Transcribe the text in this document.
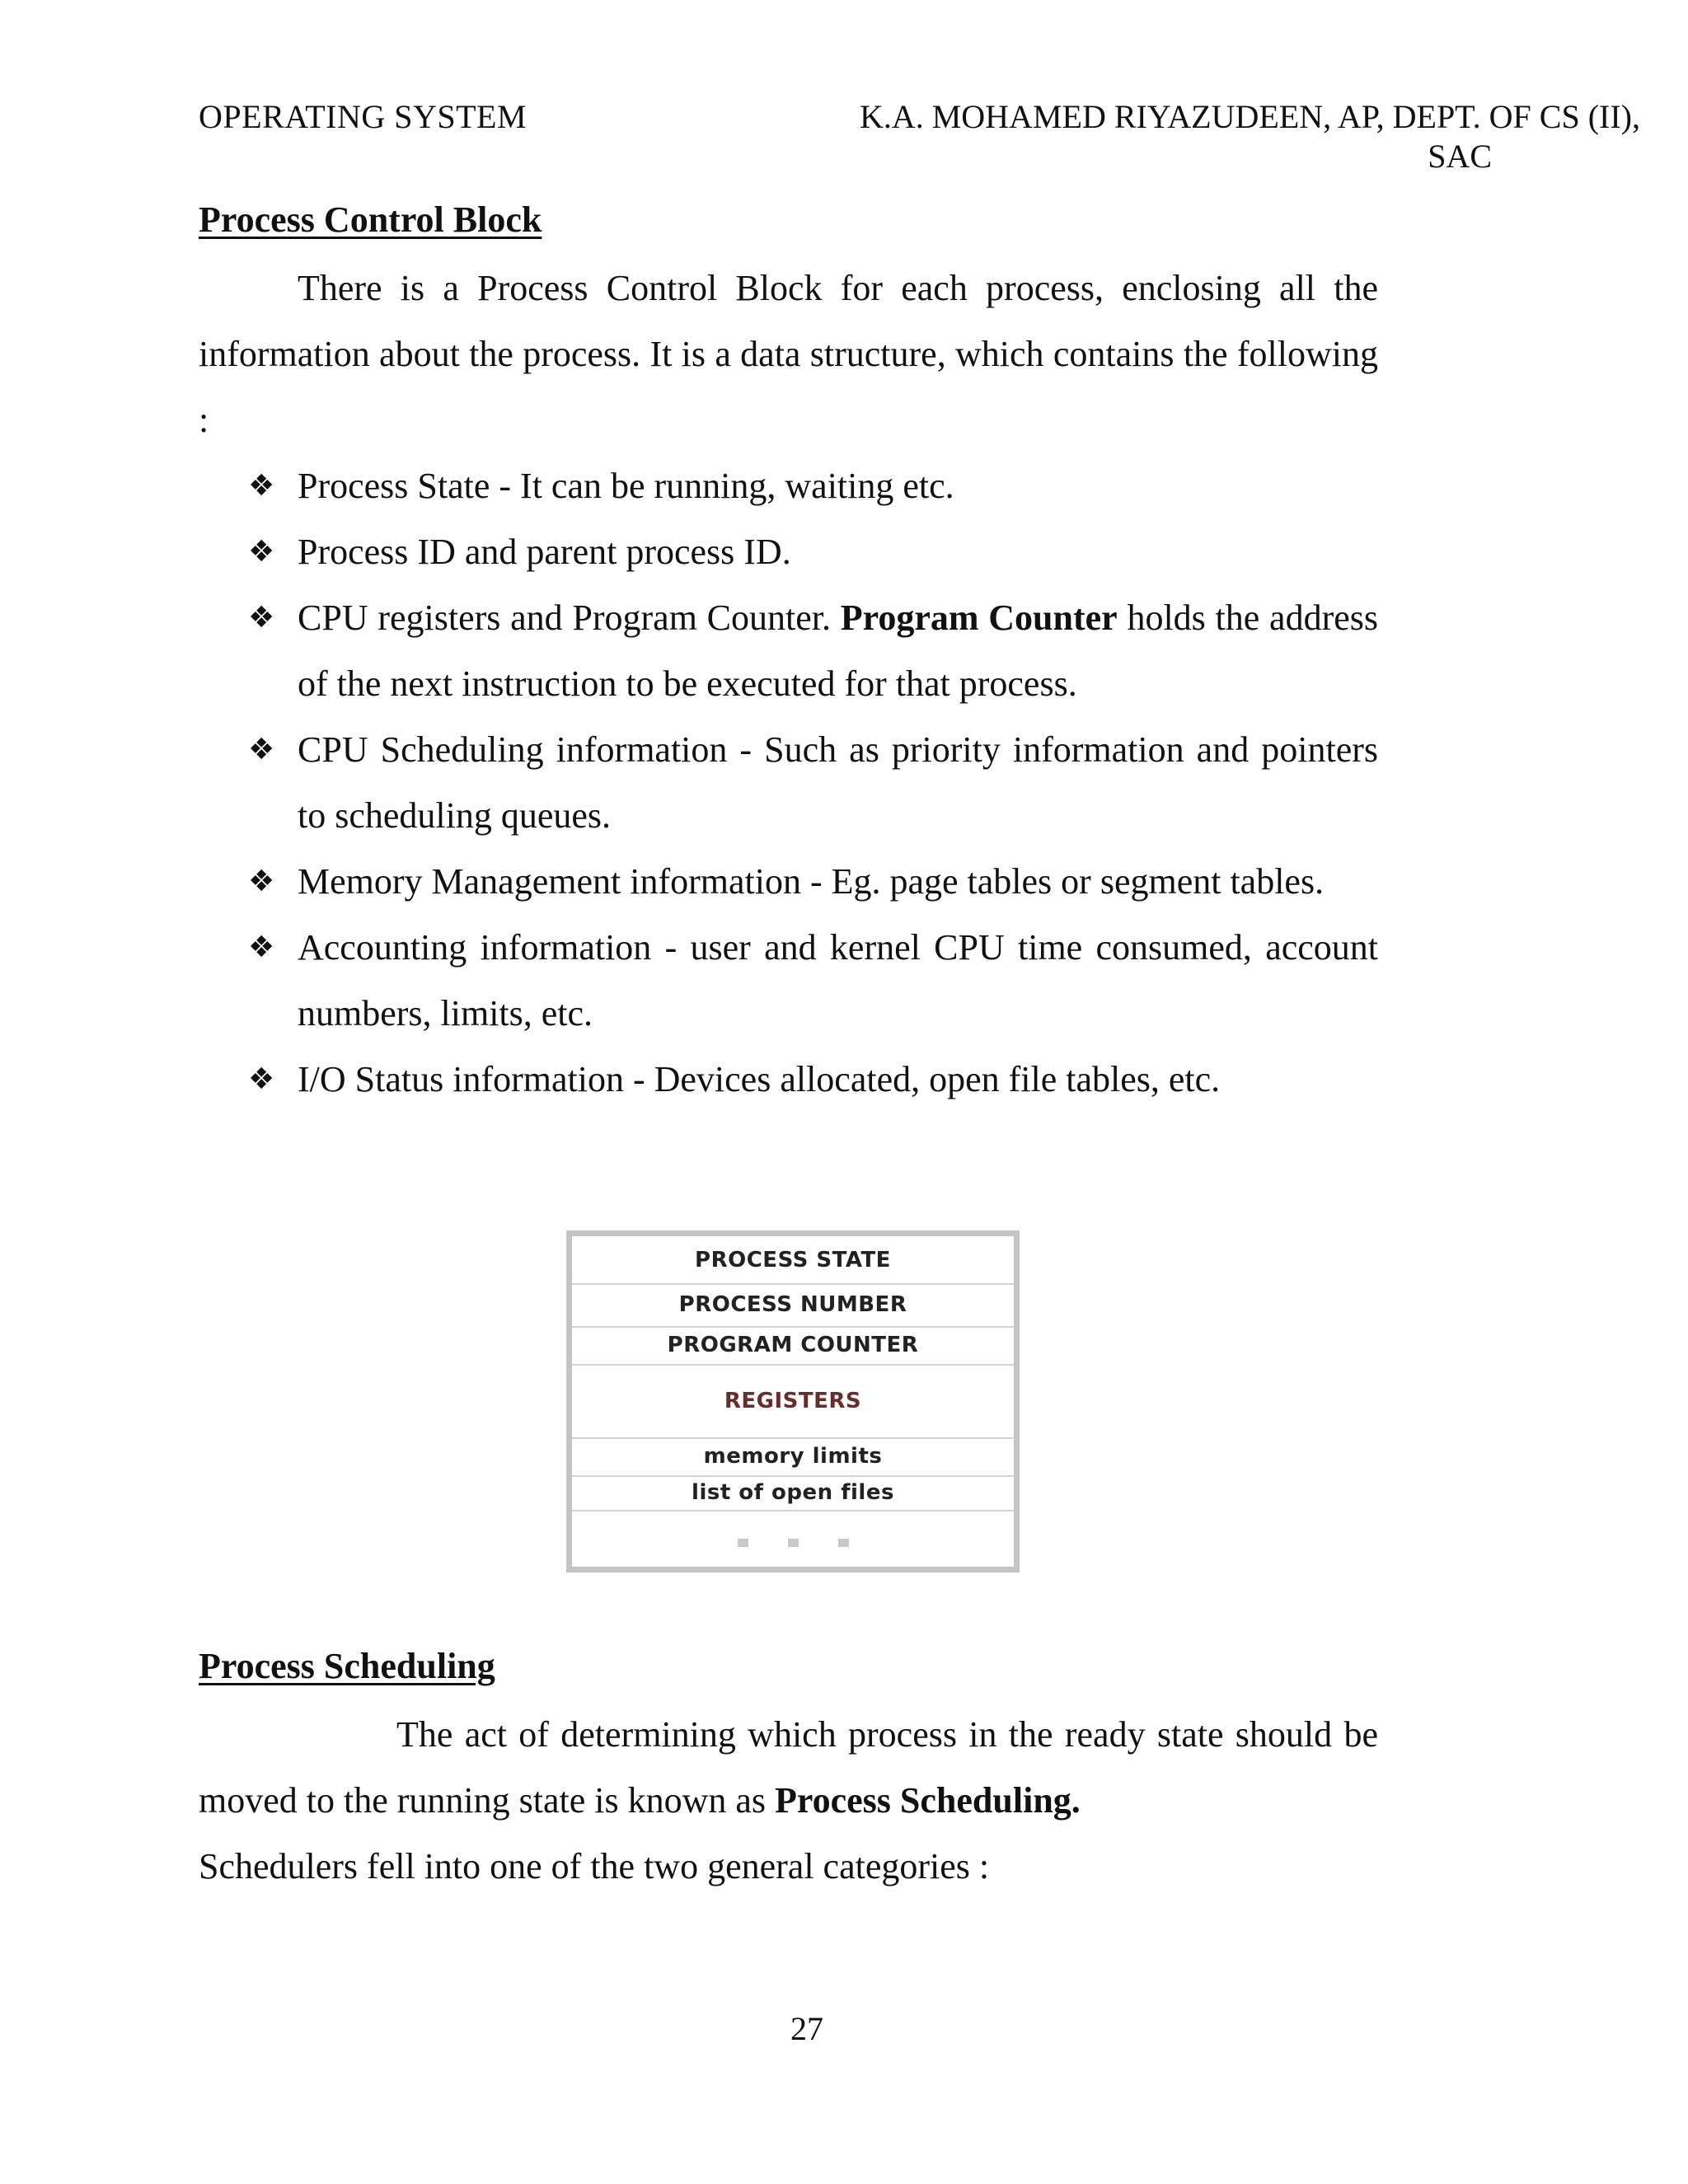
OPERATING SYSTEM	K.A. MOHAMED RIYAZUDEEN, AP, DEPT. OF CS (II),

SAC
Process Control Block

There is a Process Control Block for each process, enclosing all the information about the process. It is a data structure, which contains the following :

❖ Process State - It can be running, waiting etc.
❖ Process ID and parent process ID.
❖ CPU registers and Program Counter. Program Counter holds the address of the next instruction to be executed for that process.
❖ CPU Scheduling information - Such as priority information and pointers to scheduling queues.
❖ Memory Management information - Eg. page tables or segment tables.
❖ Accounting information - user and kernel CPU time consumed, account numbers, limits, etc.
❖ I/O Status information - Devices allocated, open file tables, etc.
PROCESS STATE
PROCESS NUMBER
PROGRAM COUNTER
REGISTERS
memory limits
list of open files
Process Scheduling

The act of determining which process in the ready state should be moved to the running state is known as Process Scheduling.

Schedulers fell into one of the two general categories :

27
